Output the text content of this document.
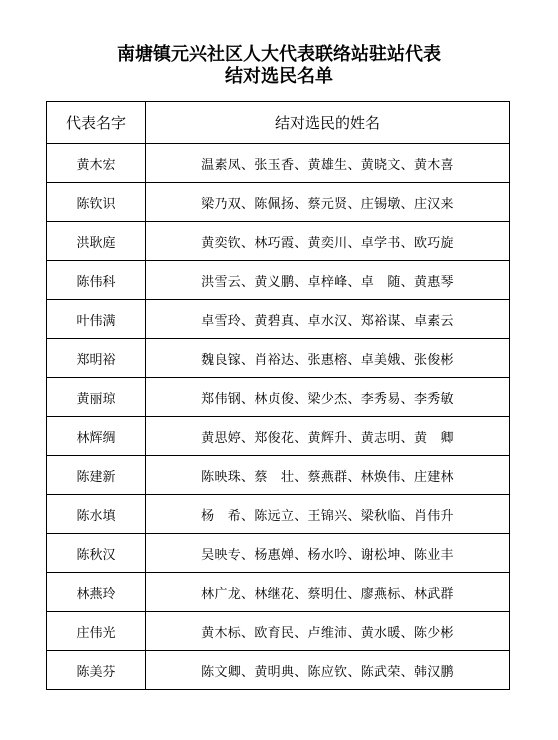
南塘镇元兴社区人大代表联络站驻站代表
结对选民名单
代表名字	结对选民的姓名
黄木宏	温素凤、张玉香、黄雄生、黄晓文、黄木喜
陈钦识	梁乃双、陈佩扬、蔡元贤、庄锡墩、庄汉来
洪耿庭	黄奕钦、林巧霞、黄奕川、卓学书、欧巧旋
陈伟科	洪雪云、黄义鹏、卓梓峰、卓　随、黄惠琴
叶伟满	卓雪玲、黄碧真、卓水汉、郑裕谋、卓素云
郑明裕	魏良镓、肖裕达、张惠榕、卓美娥、张俊彬
黄丽琼	郑伟钢、林贞俊、梁少杰、李秀易、李秀敏
林辉绸	黄思婷、郑俊花、黄辉升、黄志明、黄　卿
陈建新	陈映珠、蔡　壮、蔡燕群、林焕伟、庄建林
陈水填	杨　希、陈远立、王锦兴、梁秋临、肖伟升
陈秋汉	吴映专、杨惠婵、杨水吟、谢松坤、陈业丰
林燕玲	林广龙、林继花、蔡明仕、廖燕标、林武群
庄伟光	黄木标、欧育民、卢维沛、黄水暖、陈少彬
陈美芬	陈文卿、黄明典、陈应钦、陈武荣、韩汉鹏
